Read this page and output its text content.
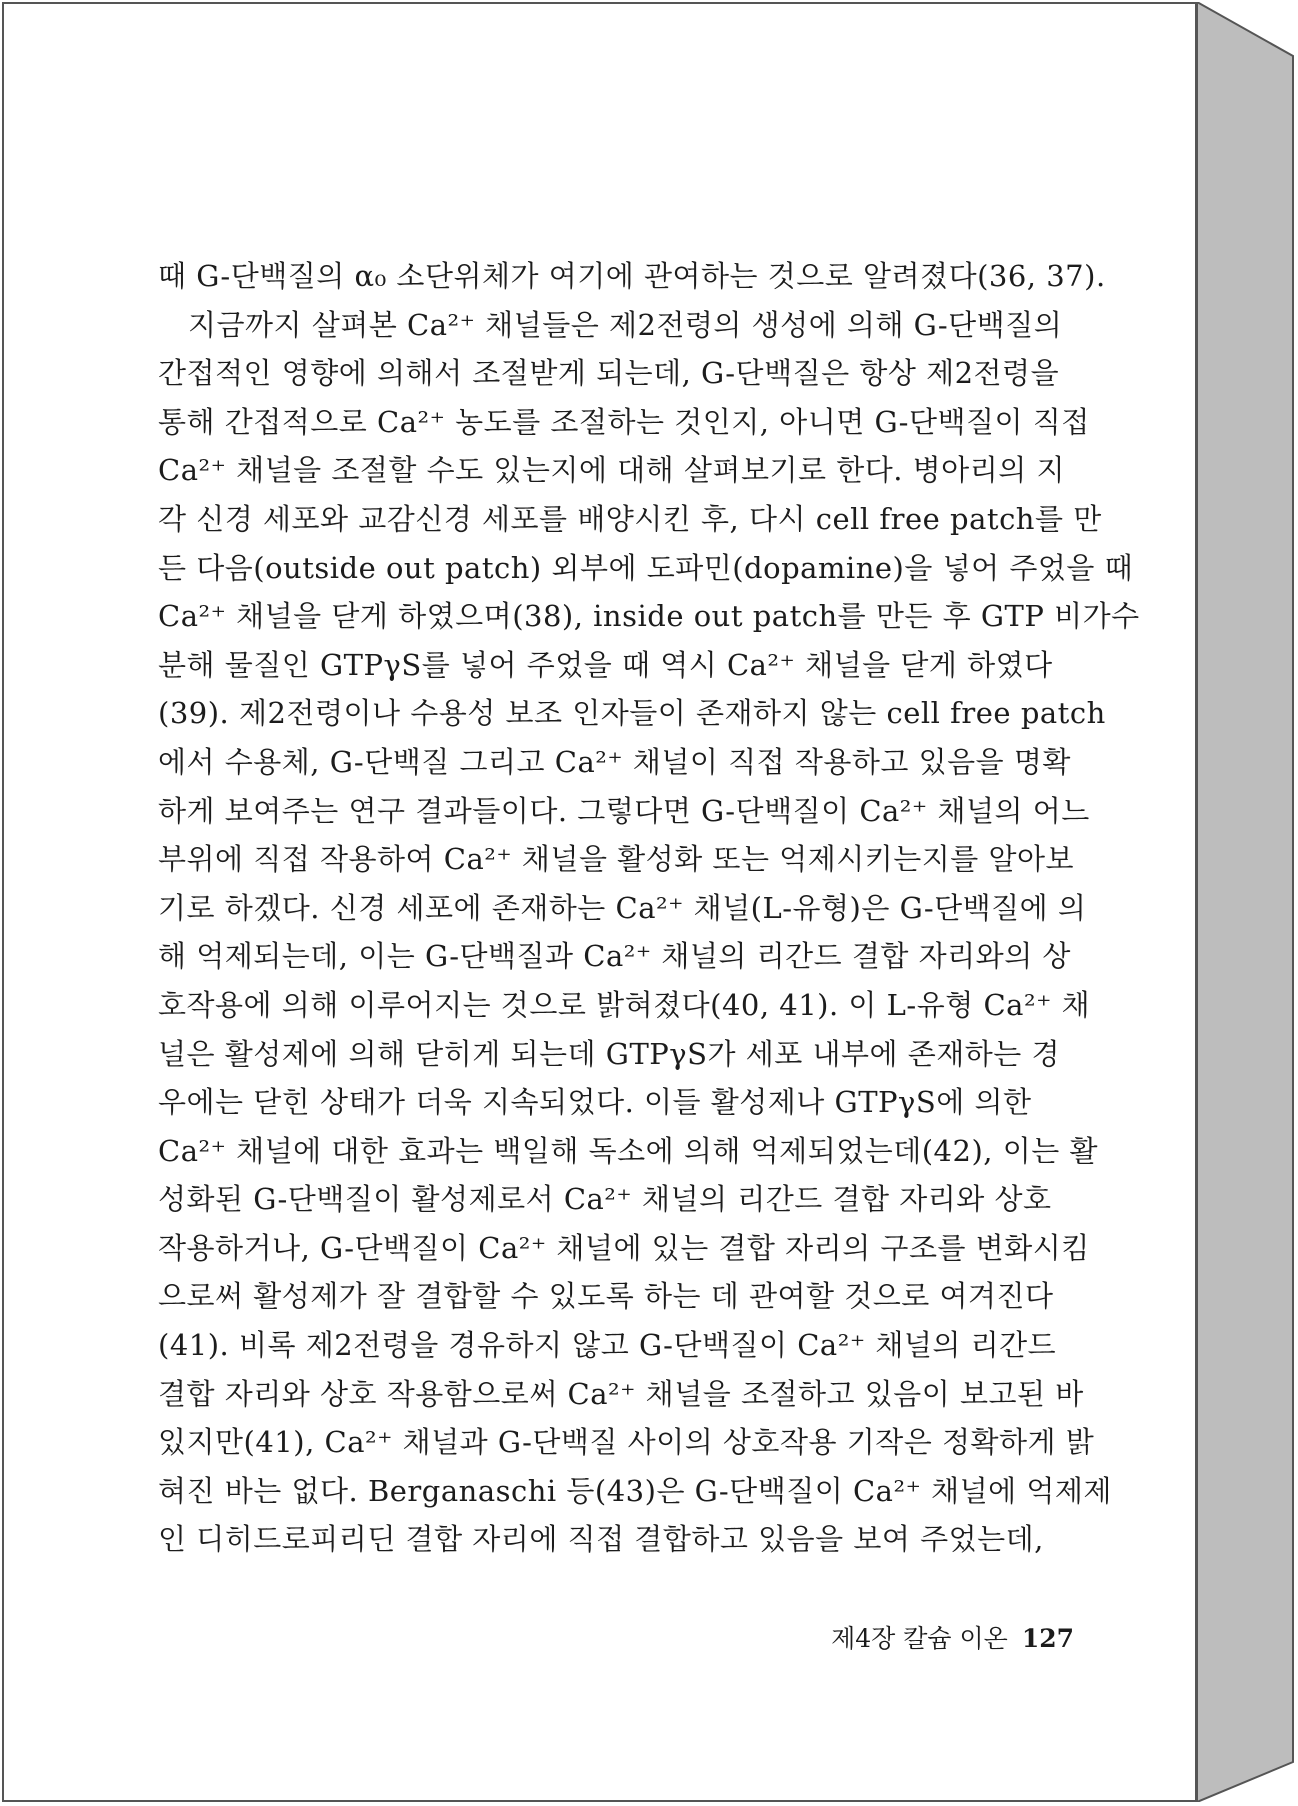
때 G-단백질의 α₀ 소단위체가 여기에 관여하는 것으로 알려졌다(36, 37).
지금까지 살펴본 Ca²⁺ 채널들은 제2전령의 생성에 의해 G-단백질의
간접적인 영향에 의해서 조절받게 되는데, G-단백질은 항상 제2전령을
통해 간접적으로 Ca²⁺ 농도를 조절하는 것인지, 아니면 G-단백질이 직접
Ca²⁺ 채널을 조절할 수도 있는지에 대해 살펴보기로 한다. 병아리의 지
각 신경 세포와 교감신경 세포를 배양시킨 후, 다시 cell free patch를 만
든 다음(outside out patch) 외부에 도파민(dopamine)을 넣어 주었을 때
Ca²⁺ 채널을 닫게 하였으며(38), inside out patch를 만든 후 GTP 비가수
분해 물질인 GTPγS를 넣어 주었을 때 역시 Ca²⁺ 채널을 닫게 하였다
(39). 제2전령이나 수용성 보조 인자들이 존재하지 않는 cell free patch
에서 수용체, G-단백질 그리고 Ca²⁺ 채널이 직접 작용하고 있음을 명확
하게 보여주는 연구 결과들이다. 그렇다면 G-단백질이 Ca²⁺ 채널의 어느
부위에 직접 작용하여 Ca²⁺ 채널을 활성화 또는 억제시키는지를 알아보
기로 하겠다. 신경 세포에 존재하는 Ca²⁺ 채널(L-유형)은 G-단백질에 의
해 억제되는데, 이는 G-단백질과 Ca²⁺ 채널의 리간드 결합 자리와의 상
호작용에 의해 이루어지는 것으로 밝혀졌다(40, 41). 이 L-유형 Ca²⁺ 채
널은 활성제에 의해 닫히게 되는데 GTPγS가 세포 내부에 존재하는 경
우에는 닫힌 상태가 더욱 지속되었다. 이들 활성제나 GTPγS에 의한
Ca²⁺ 채널에 대한 효과는 백일해 독소에 의해 억제되었는데(42), 이는 활
성화된 G-단백질이 활성제로서 Ca²⁺ 채널의 리간드 결합 자리와 상호
작용하거나, G-단백질이 Ca²⁺ 채널에 있는 결합 자리의 구조를 변화시킴
으로써 활성제가 잘 결합할 수 있도록 하는 데 관여할 것으로 여겨진다
(41). 비록 제2전령을 경유하지 않고 G-단백질이 Ca²⁺ 채널의 리간드
결합 자리와 상호 작용함으로써 Ca²⁺ 채널을 조절하고 있음이 보고된 바
있지만(41), Ca²⁺ 채널과 G-단백질 사이의 상호작용 기작은 정확하게 밝
혀진 바는 없다. Berganaschi 등(43)은 G-단백질이 Ca²⁺ 채널에 억제제
인 디히드로피리딘 결합 자리에 직접 결합하고 있음을 보여 주었는데,
제4장 칼슘 이온 127
